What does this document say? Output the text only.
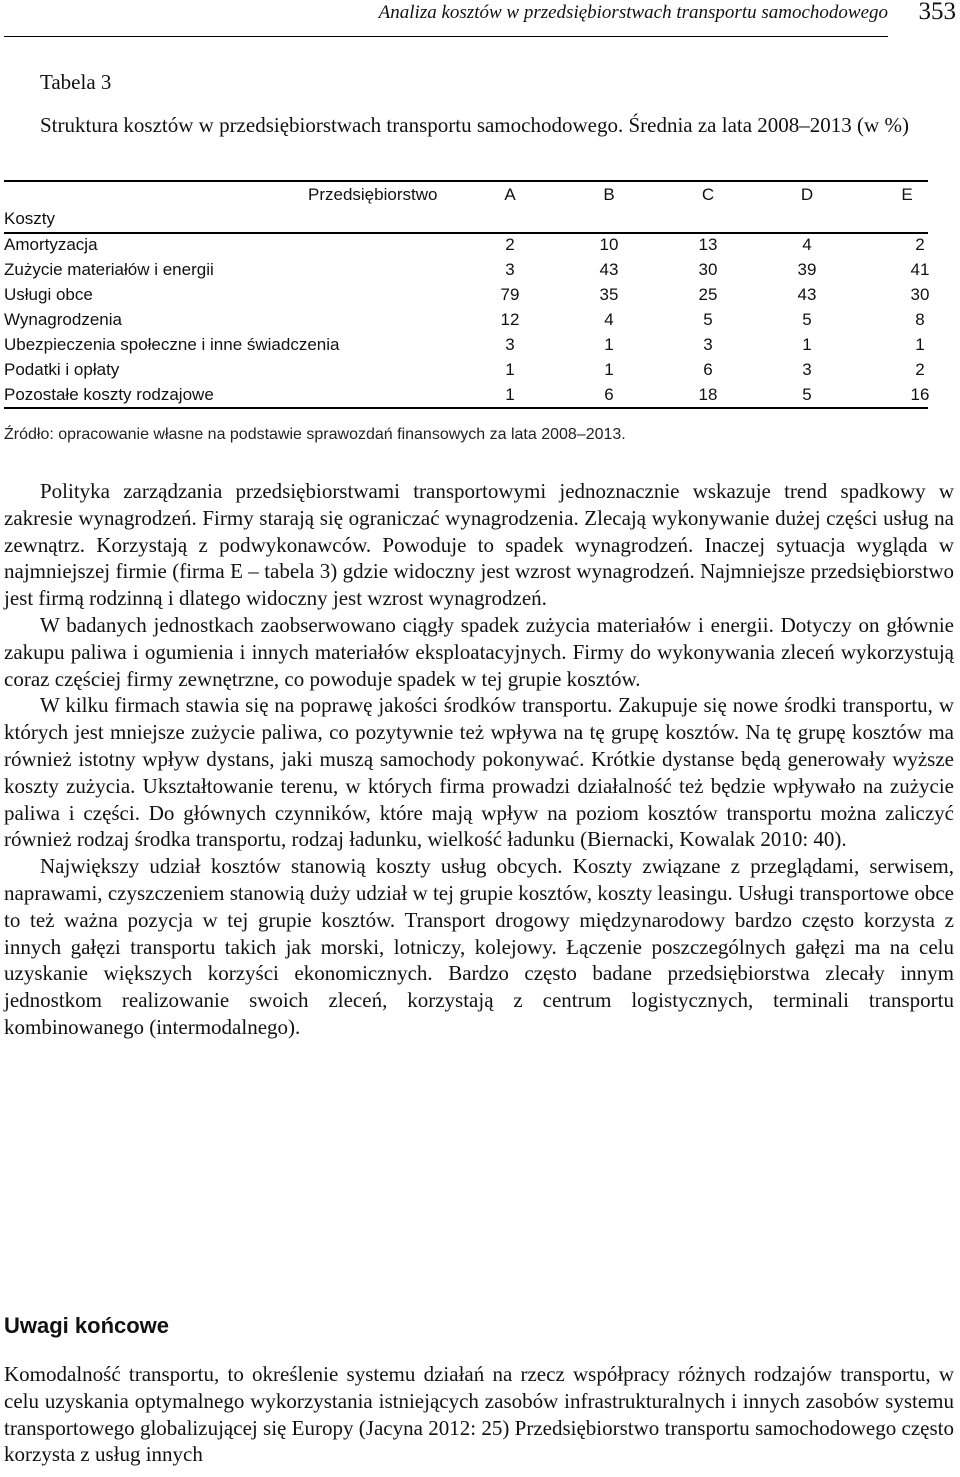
Analiza kosztów w przedsiębiorstwach transportu samochodowego 353
Tabela 3
Struktura kosztów w przedsiębiorstwach transportu samochodowego. Średnia za lata 2008–2013 (w %)
Przedsiębiorstwo	A	B	C	D	E
Koszty
Amortyzacja	2	10	13	4	2
Zużycie materiałów i energii	3	43	30	39	41
Usługi obce	79	35	25	43	30
Wynagrodzenia	12	4	5	5	8
Ubezpieczenia społeczne i inne świadczenia	3	1	3	1	1
Podatki i opłaty	1	1	6	3	2
Pozostałe koszty rodzajowe	1	6	18	5	16
Źródło: opracowanie własne na podstawie sprawozdań finansowych za lata 2008–2013.

Polityka zarządzania przedsiębiorstwami transportowymi jednoznacznie wskazuje trend spadkowy w zakresie wynagrodzeń. Firmy starają się ograniczać wynagrodzenia. Zlecają wykonywanie dużej części usług na zewnątrz. Korzystają z podwykonawców. Powoduje to spadek wynagrodzeń. Inaczej sytuacja wygląda w najmniejszej firmie (firma E – tabela 3) gdzie widoczny jest wzrost wynagrodzeń. Najmniejsze przedsiębiorstwo jest firmą rodzinną i dlatego widoczny jest wzrost wynagrodzeń.

W badanych jednostkach zaobserwowano ciągły spadek zużycia materiałów i energii. Dotyczy on głównie zakupu paliwa i ogumienia i innych materiałów eksploatacyjnych. Firmy do wykonywania zleceń wykorzystują coraz częściej firmy zewnętrzne, co powoduje spadek w tej grupie kosztów.

W kilku firmach stawia się na poprawę jakości środków transportu. Zakupuje się nowe środki transportu, w których jest mniejsze zużycie paliwa, co pozytywnie też wpływa na tę grupę kosztów. Na tę grupę kosztów ma również istotny wpływ dystans, jaki muszą samochody pokonywać. Krótkie dystanse będą generowały wyższe koszty zużycia. Ukształtowanie terenu, w których firma prowadzi działalność też będzie wpływało na zużycie paliwa i części. Do głównych czynników, które mają wpływ na poziom kosztów transportu można zaliczyć również rodzaj środka transportu, rodzaj ładunku, wielkość ładunku (Biernacki, Kowalak 2010: 40).

Największy udział kosztów stanowią koszty usług obcych. Koszty związane z przeglądami, serwisem, naprawami, czyszczeniem stanowią duży udział w tej grupie kosztów, koszty leasingu. Usługi transportowe obce to też ważna pozycja w tej grupie kosztów. Transport drogowy międzynarodowy bardzo często korzysta z innych gałęzi transportu takich jak morski, lotniczy, kolejowy. Łączenie poszczególnych gałęzi ma na celu uzyskanie większych korzyści ekonomicznych. Bardzo często badane przedsiębiorstwa zlecały innym jednostkom realizowanie swoich zleceń, korzystają z centrum logistycznych, terminali transportu kombinowanego (intermodalnego).

Uwagi końcowe

Komodalność transportu, to określenie systemu działań na rzecz współpracy różnych rodzajów transportu, w celu uzyskania optymalnego wykorzystania istniejących zasobów infrastrukturalnych i innych zasobów systemu transportowego globalizującej się Europy (Jacyna 2012: 25) Przedsiębiorstwo transportu samochodowego często korzysta z usług innych
